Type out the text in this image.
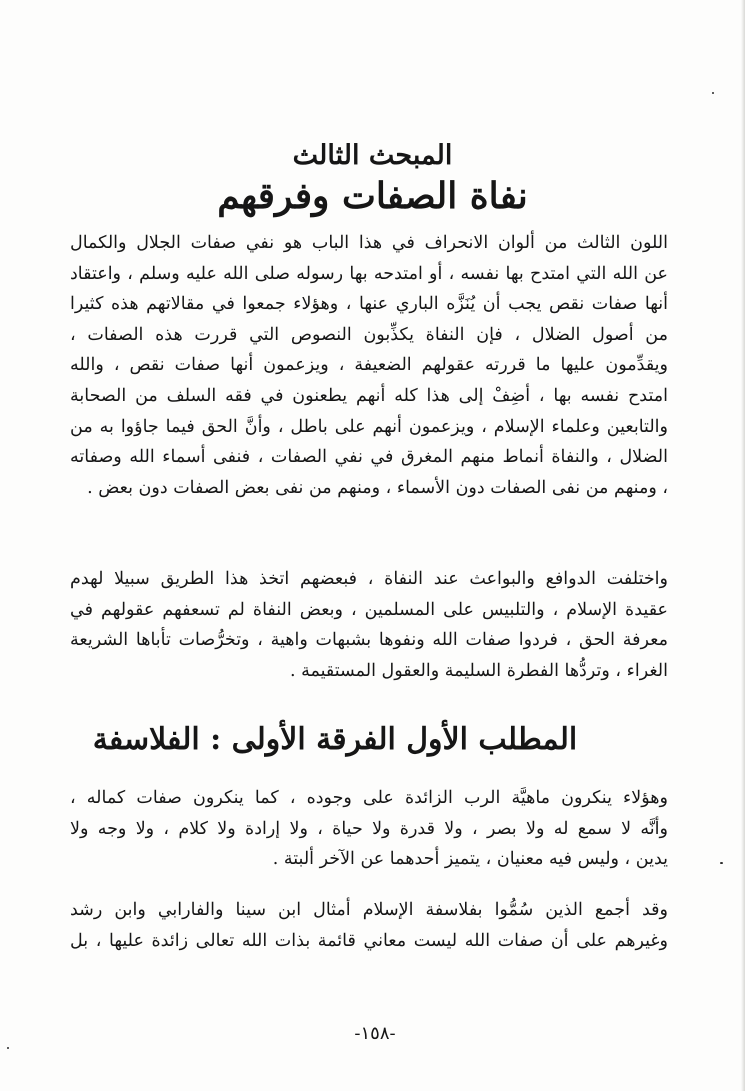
المبحث الثالث
نفاة الصفات وفرقهم

اللون الثالث من ألوان الانحراف في هذا الباب هو نفي صفات الجلال والكمال
عن الله التي امتدح بها نفسه ، أو امتدحه بها رسوله صلى الله عليه وسلم ، واعتقاد
أنها صفات نقص يجب أن يُنَزَّه الباري عنها ، وهؤلاء جمعوا في مقالاتهم هذه كثيرا
من أصول الضلال ، فإن النفاة يكذِّبون النصوص التي قررت هذه الصفات ،
ويقدِّمون عليها ما قررته عقولهم الضعيفة ، ويزعمون أنها صفات نقص ، والله
امتدح نفسه بها ، أضِفْ إلى هذا كله أنهم يطعنون في فقه السلف من الصحابة
والتابعين وعلماء الإسلام ، ويزعمون أنهم على باطل ، وأنَّ الحق فيما جاؤوا به من
الضلال ، والنفاة أنماط منهم المغرق في نفي الصفات ، فنفى أسماء الله وصفاته
، ومنهم من نفى الصفات دون الأسماء ، ومنهم من نفى بعض الصفات دون بعض .

واختلفت الدوافع والبواعث عند النفاة ، فبعضهم اتخذ هذا الطريق سبيلا لهدم
عقيدة الإسلام ، والتلبيس على المسلمين ، وبعض النفاة لم تسعفهم عقولهم في
معرفة الحق ، فردوا صفات الله ونفوها بشبهات واهية ، وتخرُّصات تأباها الشريعة
الغراء ، وتردُّها الفطرة السليمة والعقول المستقيمة .

المطلب الأول الفرقة الأولى : الفلاسفة

وهؤلاء ينكرون ماهيَّة الرب الزائدة على وجوده ، كما ينكرون صفات كماله ،
وأنَّه لا سمع له ولا بصر ، ولا قدرة ولا حياة ، ولا إرادة ولا كلام ، ولا وجه ولا
يدين ، وليس فيه معنيان ، يتميز أحدهما عن الآخر ألبتة .

وقد أجمع الذين سُمُّوا بفلاسفة الإسلام أمثال ابن سينا والفارابي وابن رشد
وغيرهم على أن صفات الله ليست معاني قائمة بذات الله تعالى زائدة عليها ، بل

-١٥٨-
